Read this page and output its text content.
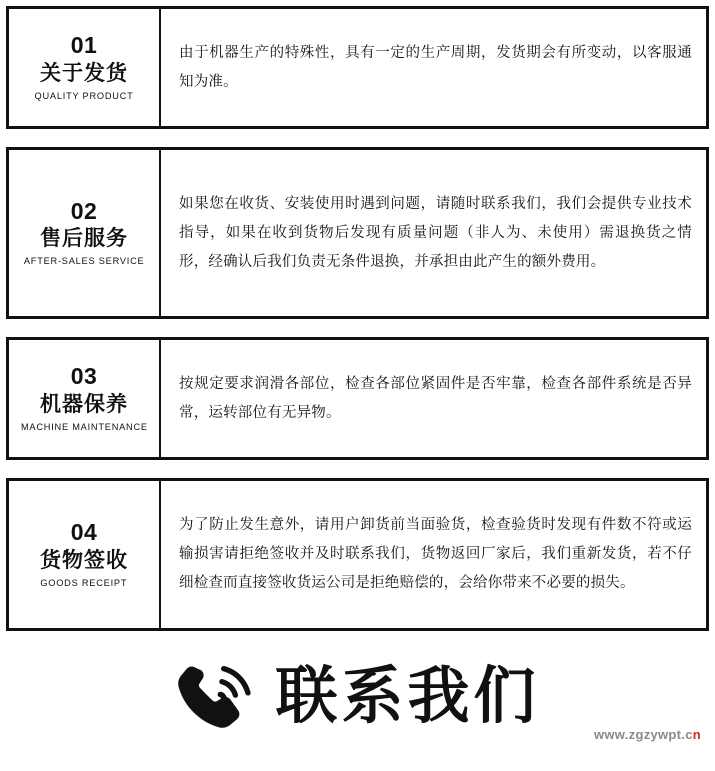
01
关于发货
QUALITY PRODUCT
由于机器生产的特殊性，具有一定的生产周期，发货期会有所变动，以客服通知为准。
02
售后服务
AFTER-SALES SERVICE
如果您在收货、安装使用时遇到问题，请随时联系我们，我们会提供专业技术指导，如果在收到货物后发现有质量问题（非人为、未使用）需退换货之情形，经确认后我们负责无条件退换，并承担由此产生的额外费用。
03
机器保养
MACHINE MAINTENANCE
按规定要求润滑各部位，检查各部位紧固件是否牢靠，检查各部件系统是否异常，运转部位有无异物。
04
货物签收
GOODS RECEIPT
为了防止发生意外，请用户卸货前当面验货，检查验货时发现有件数不符或运输损害请拒绝签收并及时联系我们，货物返回厂家后，我们重新发货，若不仔细检查而直接签收货运公司是拒绝赔偿的，会给你带来不必要的损失。
联系我们
www.zgzywpt.cn
